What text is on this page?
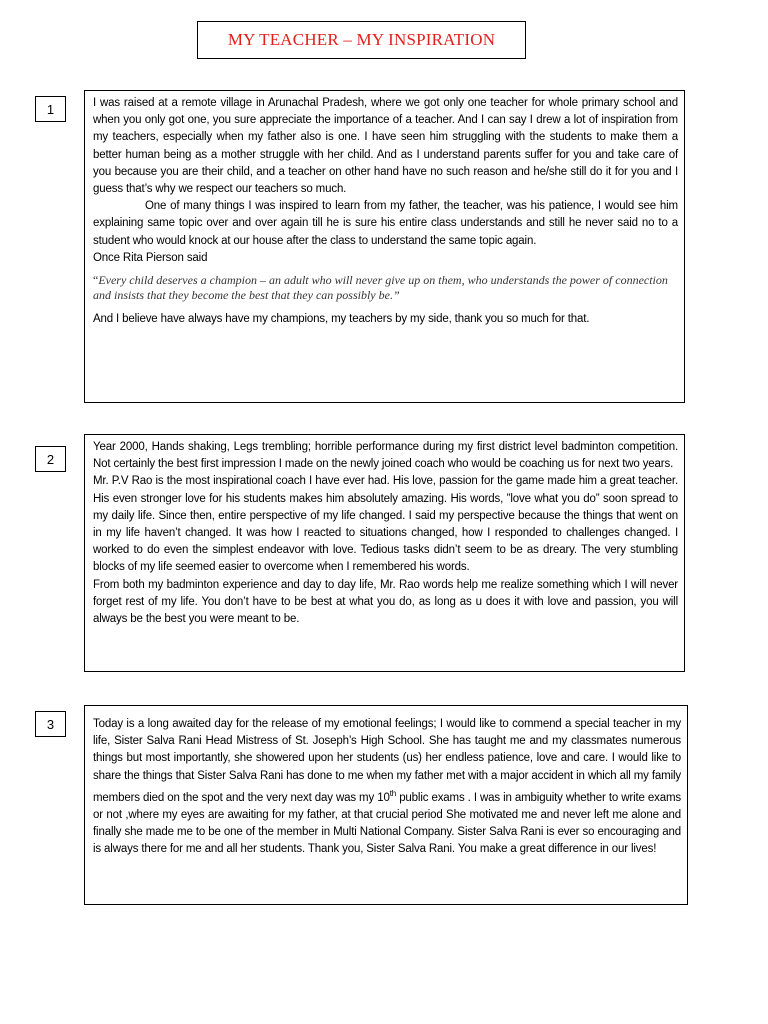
MY TEACHER – MY INSPIRATION
1	I was raised at a remote village in Arunachal Pradesh, where we got only one teacher for whole primary school and when you only got one, you sure appreciate the importance of a teacher. And I can say I drew a lot of inspiration from my teachers, especially when my father also is one. I have seen him struggling with the students to make them a better human being as a mother struggle with her child. And as I understand parents suffer for you and take care of you because you are their child, and a teacher on other hand have no such reason and he/she still do it for you and I guess that’s why we respect our teachers so much.

One of many things I was inspired to learn from my father, the teacher, was his patience, I would see him explaining same topic over and over again till he is sure his entire class understands and still he never said no to a student who would knock at our house after the class to understand the same topic again.

Once Rita Pierson said

“Every child deserves a champion – an adult who will never give up on them, who understands the power of connection and insists that they become the best that they can possibly be.”

And I believe have always have my champions, my teachers by my side, thank you so much for that.

2

Year 2000, Hands shaking, Legs trembling; horrible performance during my first district level badminton competition. Not certainly the best first impression I made on the newly joined coach who would be coaching us for next two years.

Mr. P.V Rao is the most inspirational coach I have ever had. His love, passion for the game made him a great teacher. His even stronger love for his students makes him absolutely amazing. His words, ”love what you do” soon spread to my daily life. Since then, entire perspective of my life changed. I said my perspective because the things that went on in my life haven’t changed. It was how I reacted to situations changed, how I responded to challenges changed. I worked to do even the simplest endeavor with love. Tedious tasks didn’t seem to be as dreary. The very stumbling blocks of my life seemed easier to overcome when I remembered his words.

From both my badminton experience and day to day life, Mr. Rao words help me realize something which I will never forget rest of my life. You don’t have to be best at what you do, as long as u does it with love and passion, you will always be the best you were meant to be.

3	Today is a long awaited day for the release of my emotional feelings; I would like to commend a special teacher in my life, Sister Salva Rani Head Mistress of St. Joseph’s High School. She has taught me and my classmates numerous things but most importantly, she showered upon her students (us) her endless patience, love and care. I would like to share the things that Sister Salva Rani has done to me when my father met with a major accident in which all my family members died on the spot and the very next day was my 10th public exams . I was in ambiguity whether to write exams or not ,where my eyes are awaiting for my father, at that crucial period She motivated me and never left me alone and finally she made me to be one of the member in Multi National Company. Sister Salva Rani is ever so encouraging and is always there for me and all her students. Thank you, Sister Salva Rani. You make a great difference in our lives!
